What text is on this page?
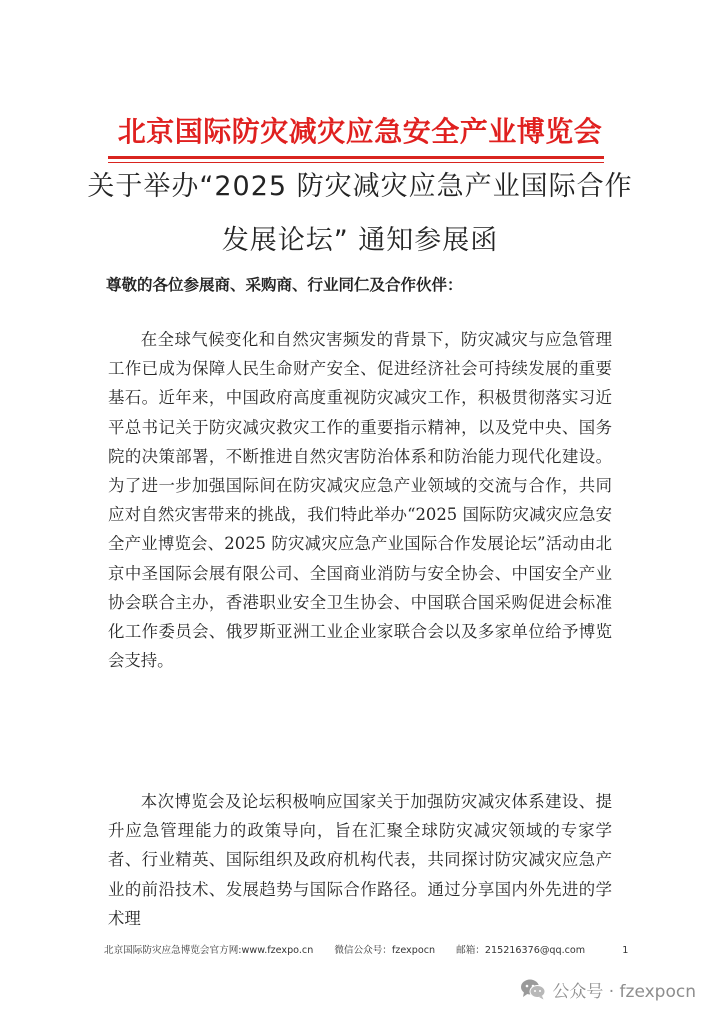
北京国际防灾减灾应急安全产业博览会
关于举办“2025 防灾减灾应急产业国际合作
发展论坛” 通知参展函
尊敬的各位参展商、采购商、行业同仁及合作伙伴：

在全球气候变化和自然灾害频发的背景下，防灾减灾与应急管理工作已成为保障人民生命财产安全、促进经济社会可持续发展的重要基石。近年来，中国政府高度重视防灾减灾工作，积极贯彻落实习近平总书记关于防灾减灾救灾工作的重要指示精神，以及党中央、国务院的决策部署，不断推进自然灾害防治体系和防治能力现代化建设。为了进一步加强国际间在防灾减灾应急产业领域的交流与合作，共同应对自然灾害带来的挑战，我们特此举办“2025 国际防灾减灾应急安全产业博览会、2025 防灾减灾应急产业国际合作发展论坛”活动由北京中圣国际会展有限公司、全国商业消防与安全协会、中国安全产业协会联合主办，香港职业安全卫生协会、中国联合国采购促进会标准化工作委员会、俄罗斯亚洲工业企业家联合会以及多家单位给予博览会支持。

本次博览会及论坛积极响应国家关于加强防灾减灾体系建设、提升应急管理能力的政策导向，旨在汇聚全球防灾减灾领域的专家学者、行业精英、国际组织及政府机构代表，共同探讨防灾减灾应急产业的前沿技术、发展趋势与国际合作路径。通过分享国内外先进的学术理

北京国际防灾应急博览会官方网:www.fzexpo.cn 微信公众号：fzexpocn 邮箱：215216376@qq.com	1
公众号 · fzexpocn
